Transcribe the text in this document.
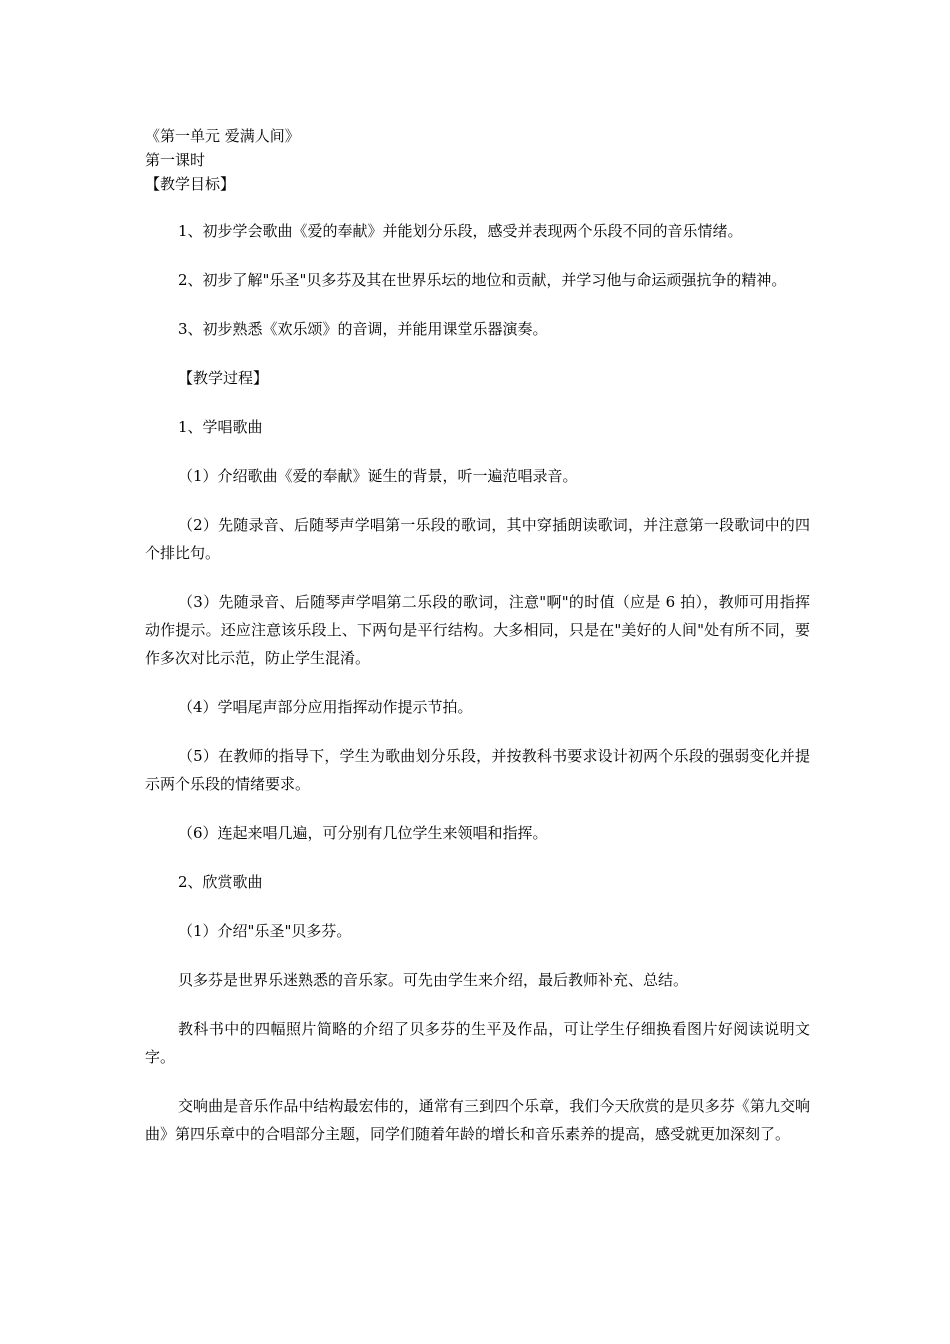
《第一单元 爱满人间》

第一课时

【教学目标】

1、初步学会歌曲《爱的奉献》并能划分乐段，感受并表现两个乐段不同的音乐情绪。

2、初步了解"乐圣"贝多芬及其在世界乐坛的地位和贡献，并学习他与命运顽强抗争的精神。

3、初步熟悉《欢乐颂》的音调，并能用课堂乐器演奏。

【教学过程】

1、学唱歌曲

（1）介绍歌曲《爱的奉献》诞生的背景，听一遍范唱录音。

（2）先随录音、后随琴声学唱第一乐段的歌词，其中穿插朗读歌词，并注意第一段歌词中的四个排比句。

（3）先随录音、后随琴声学唱第二乐段的歌词，注意"啊"的时值（应是 6 拍），教师可用指挥动作提示。还应注意该乐段上、下两句是平行结构。大多相同，只是在"美好的人间"处有所不同，要作多次对比示范，防止学生混淆。

（4）学唱尾声部分应用指挥动作提示节拍。

（5）在教师的指导下，学生为歌曲划分乐段，并按教科书要求设计初两个乐段的强弱变化并提示两个乐段的情绪要求。

（6）连起来唱几遍，可分别有几位学生来领唱和指挥。

2、欣赏歌曲

（1）介绍"乐圣"贝多芬。

贝多芬是世界乐迷熟悉的音乐家。可先由学生来介绍，最后教师补充、总结。

教科书中的四幅照片简略的介绍了贝多芬的生平及作品，可让学生仔细换看图片好阅读说明文字。

交响曲是音乐作品中结构最宏伟的，通常有三到四个乐章，我们今天欣赏的是贝多芬《第九交响曲》第四乐章中的合唱部分主题，同学们随着年龄的增长和音乐素养的提高，感受就更加深刻了。
